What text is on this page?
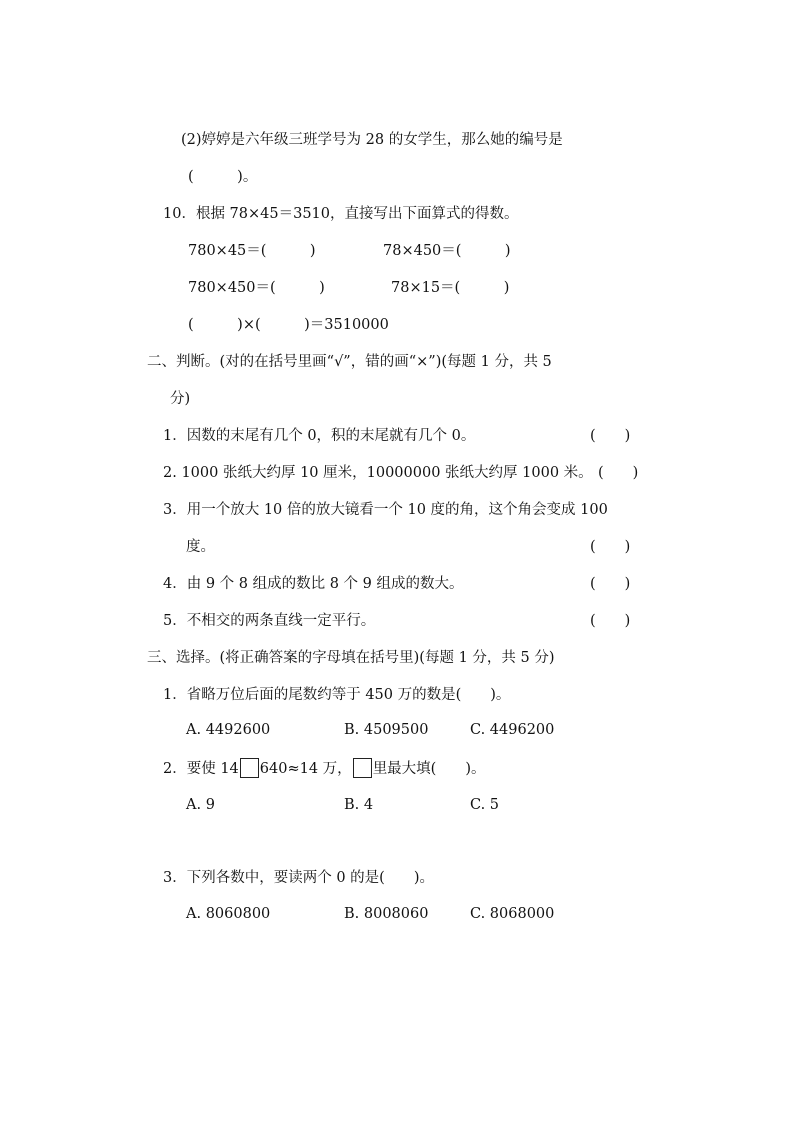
(2)婷婷是六年级三班学号为 28 的女学生，那么她的编号是
(　　　)。
10．根据 78×45＝3510，直接写出下面算式的得数。
780×45＝(　　　)	78×450＝(　　　)
780×450＝(　　　)	78×15＝(　　　)
(　　　)×(　　　)＝3510000
二、判断。(对的在括号里画“√”，错的画“×”)(每题 1 分，共 5
分)
1．因数的末尾有几个 0，积的末尾就有几个 0。	(　　)
2. 1000 张纸大约厚 10 厘米，10000000 张纸大约厚 1000 米。 (　　)
3．用一个放大 10 倍的放大镜看一个 10 度的角，这个角会变成 100
度。	(　　)
4．由 9 个 8 组成的数比 8 个 9 组成的数大。	(　　)
5．不相交的两条直线一定平行。	(　　)
三、选择。(将正确答案的字母填在括号里)(每题 1 分，共 5 分)
1．省略万位后面的尾数约等于 450 万的数是(　　)。
A. 4492600	B. 4509500	C. 4496200
2．要使 14 640≈14 万， 里最大填(　　)。
A. 9	B. 4	C. 5
3．下列各数中，要读两个 0 的是(　　)。
A. 8060800	B. 8008060	C. 8068000
